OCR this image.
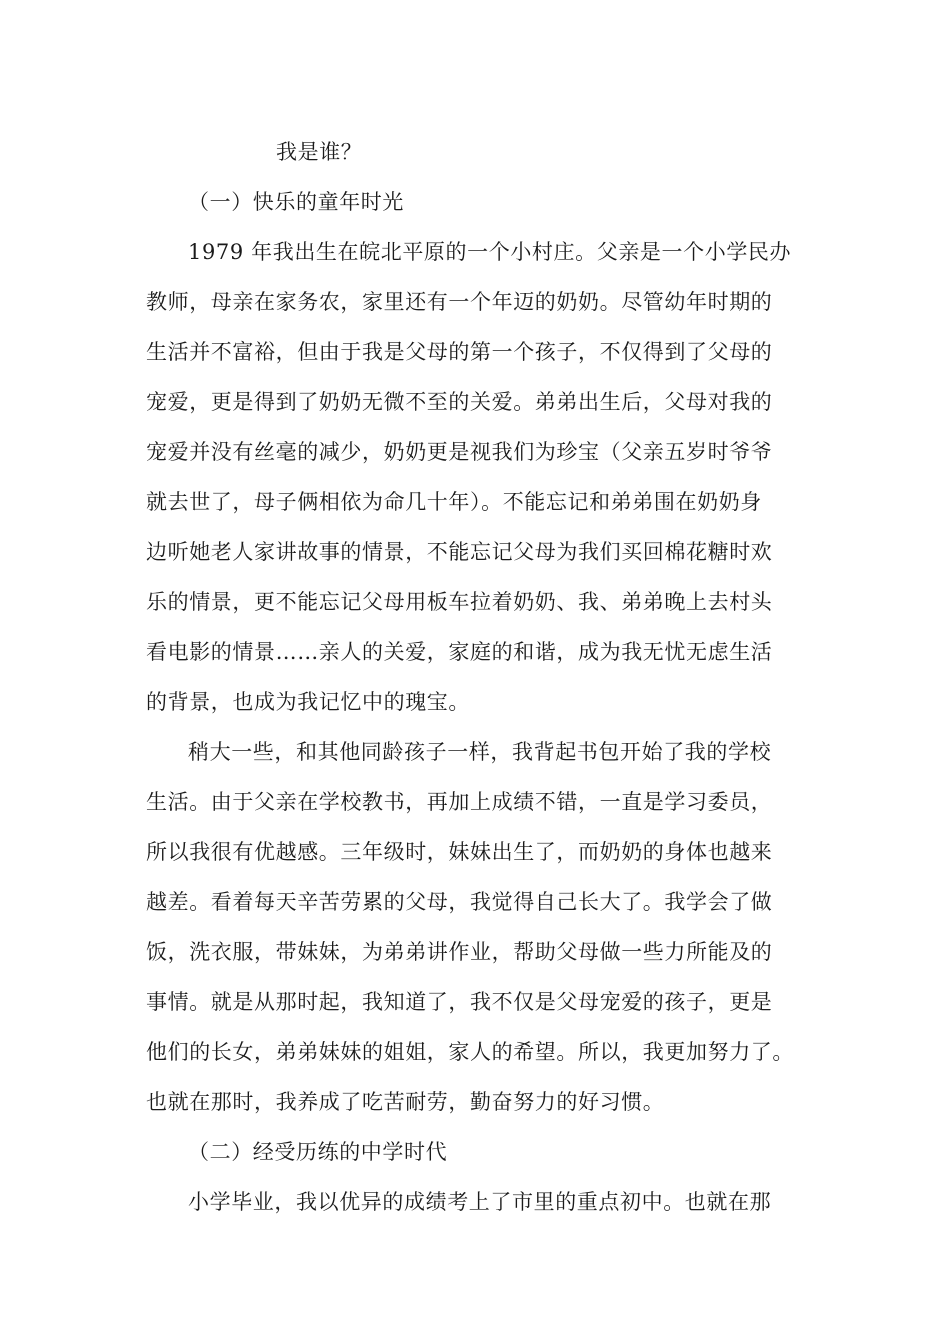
我是谁？
（一）快乐的童年时光
1979 年我出生在皖北平原的一个小村庄。父亲是一个小学民办
教师，母亲在家务农，家里还有一个年迈的奶奶。尽管幼年时期的
生活并不富裕，但由于我是父母的第一个孩子，不仅得到了父母的
宠爱，更是得到了奶奶无微不至的关爱。弟弟出生后，父母对我的
宠爱并没有丝毫的减少，奶奶更是视我们为珍宝（父亲五岁时爷爷
就去世了，母子俩相依为命几十年）。不能忘记和弟弟围在奶奶身
边听她老人家讲故事的情景，不能忘记父母为我们买回棉花糖时欢
乐的情景，更不能忘记父母用板车拉着奶奶、我、弟弟晚上去村头
看电影的情景……亲人的关爱，家庭的和谐，成为我无忧无虑生活
的背景，也成为我记忆中的瑰宝。
稍大一些，和其他同龄孩子一样，我背起书包开始了我的学校
生活。由于父亲在学校教书，再加上成绩不错，一直是学习委员，
所以我很有优越感。三年级时，妹妹出生了，而奶奶的身体也越来
越差。看着每天辛苦劳累的父母，我觉得自己长大了。我学会了做
饭，洗衣服，带妹妹，为弟弟讲作业，帮助父母做一些力所能及的
事情。就是从那时起，我知道了，我不仅是父母宠爱的孩子，更是
他们的长女，弟弟妹妹的姐姐，家人的希望。所以，我更加努力了。
也就在那时，我养成了吃苦耐劳，勤奋努力的好习惯。
（二）经受历练的中学时代
小学毕业，我以优异的成绩考上了市里的重点初中。也就在那
